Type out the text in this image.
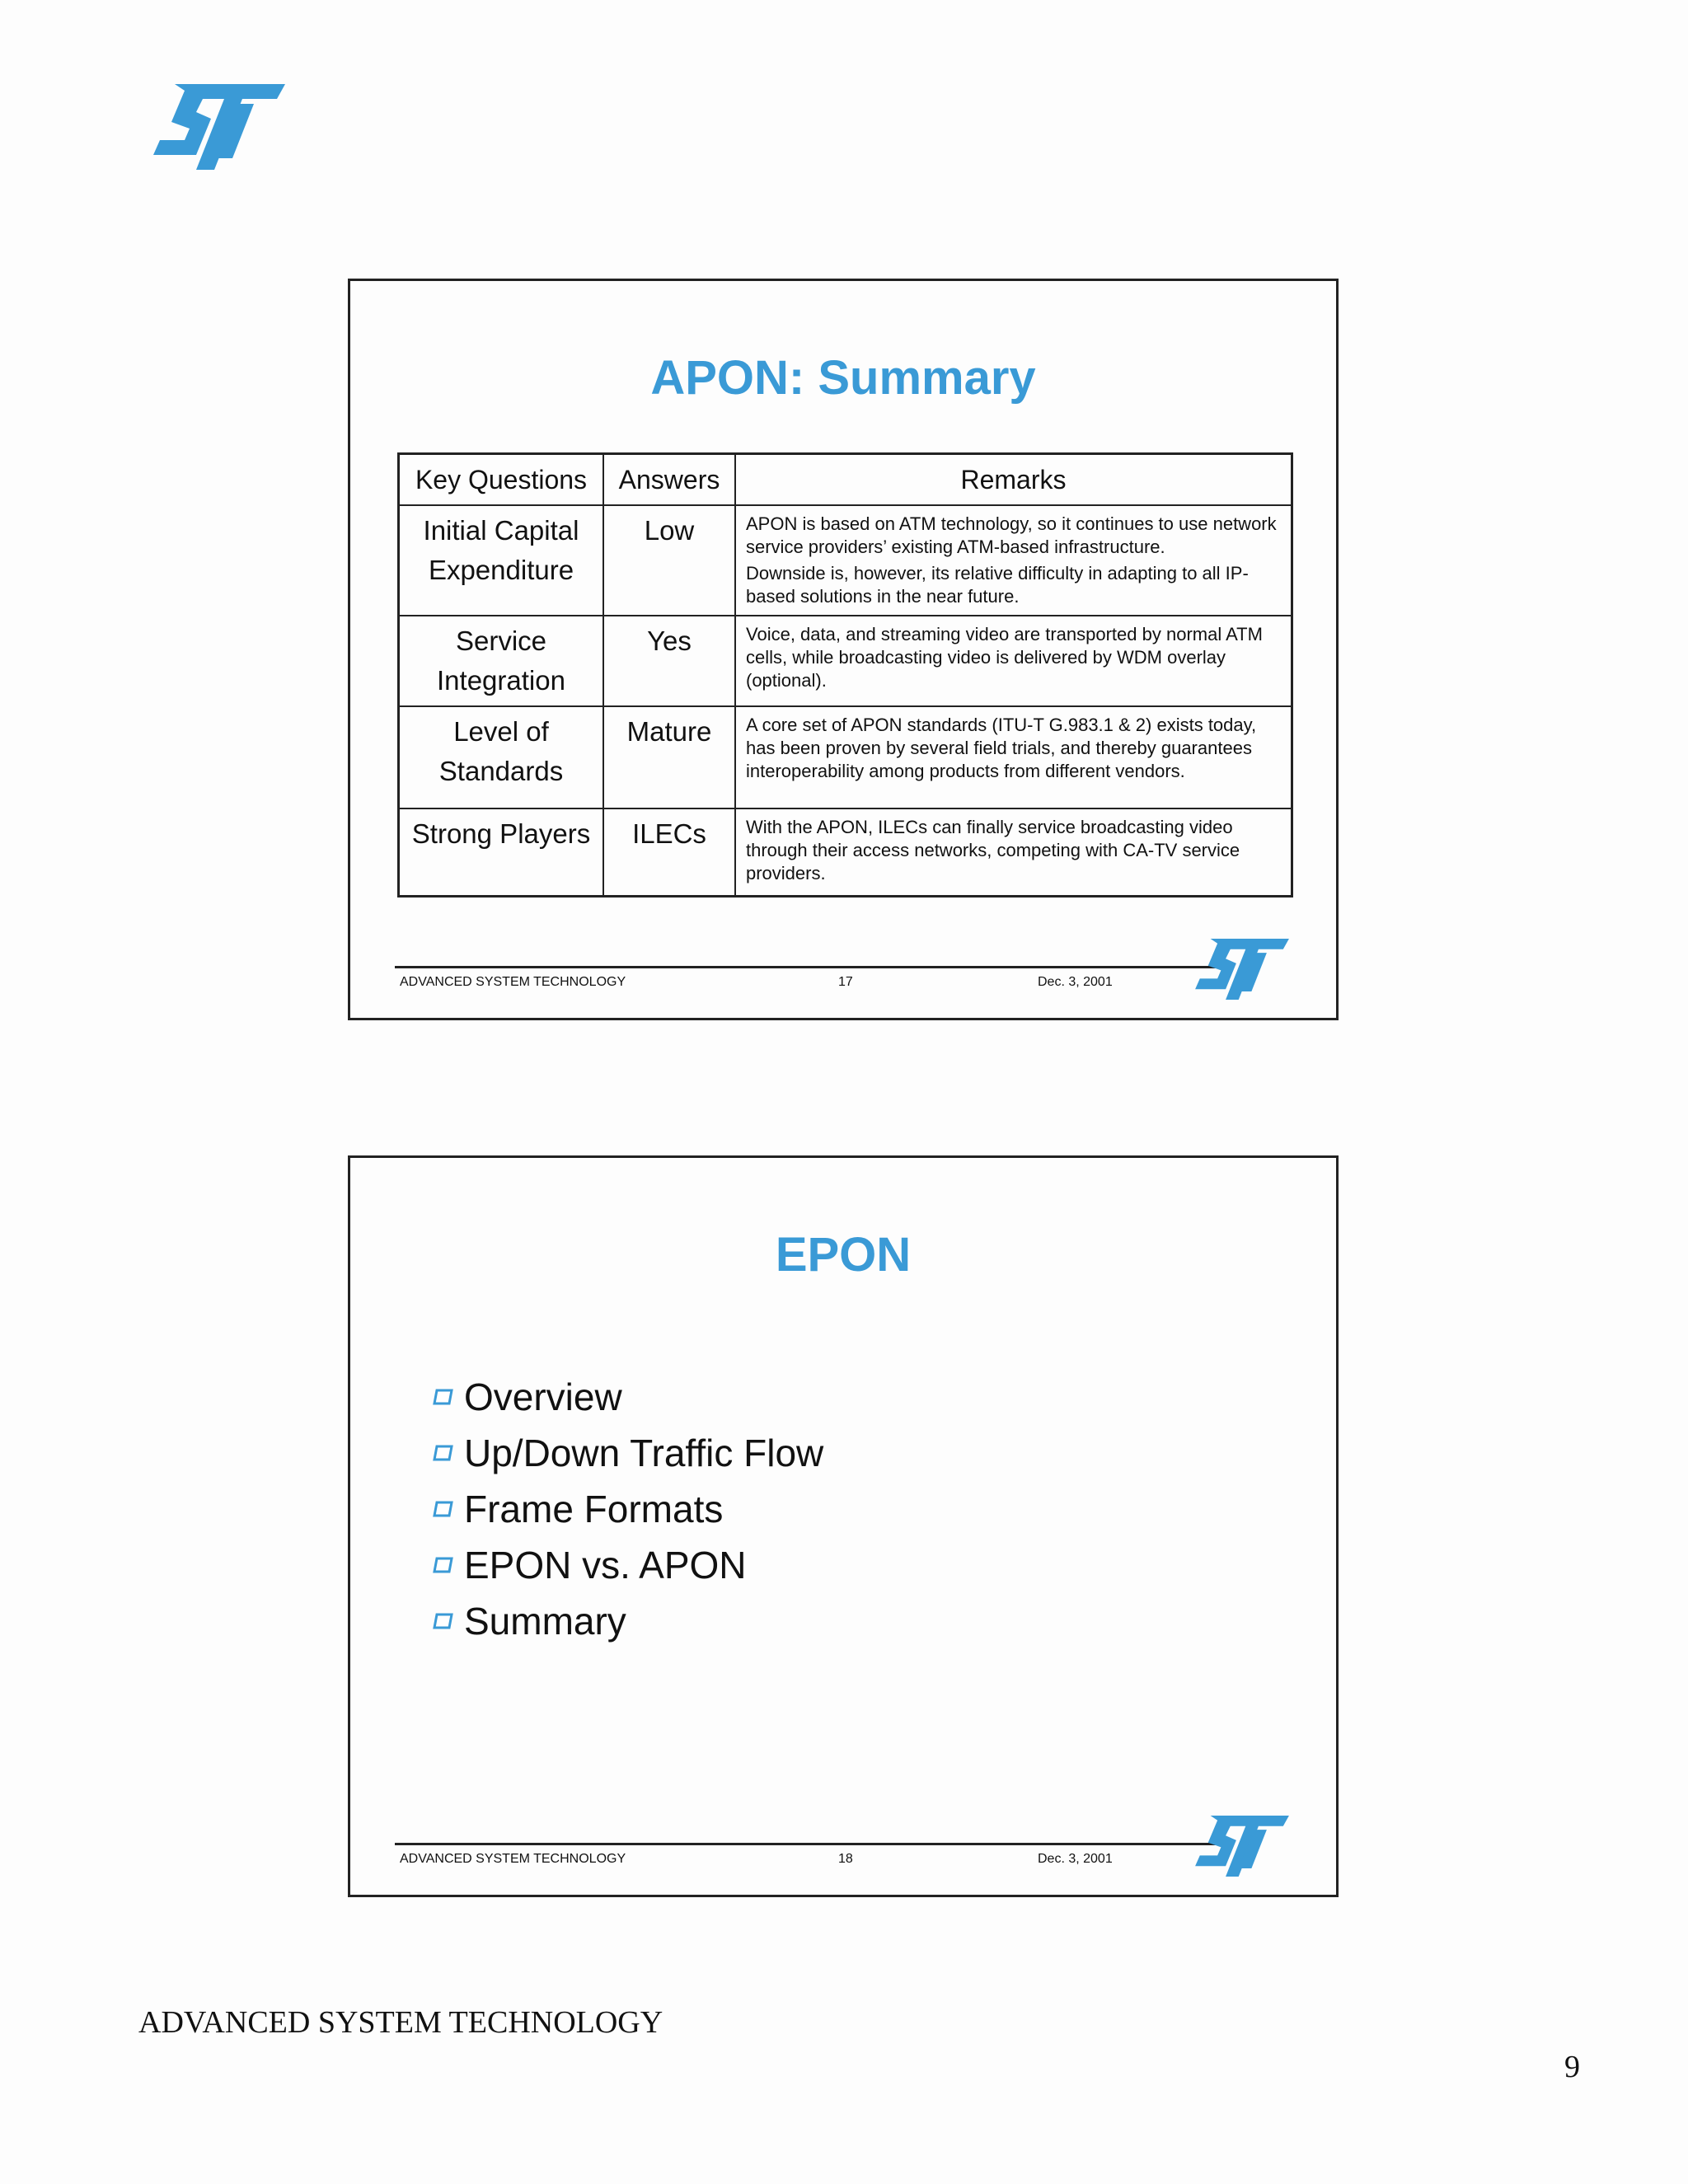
APON: Summary
Key Questions	Answers	Remarks
Initial Capital Expenditure	Low	APON is based on ATM technology, so it continues to use network service providers’ existing ATM-based infrastructure.

Downside is, however, its relative difficulty in adapting to all IP-based solutions in the near future.

Service Integration	Yes	Voice, data, and streaming video are transported by normal ATM cells, while broadcasting video is delivered by WDM overlay (optional).

Level of Standards	Mature	A core set of APON standards (ITU-T G.983.1 & 2) exists today, has been proven by several field trials, and thereby guarantees interoperability among products from different vendors.

Strong Players	ILECs	With the APON, ILECs can finally service broadcasting video through their access networks, competing with CA-TV service providers.

ADVANCED SYSTEM TECHNOLOGY	17	Dec. 3, 2001
EPON
Overview
Up/Down Traffic Flow
Frame Formats
EPON vs. APON
Summary
ADVANCED SYSTEM TECHNOLOGY	18	Dec. 3, 2001
ADVANCED SYSTEM TECHNOLOGY
9
